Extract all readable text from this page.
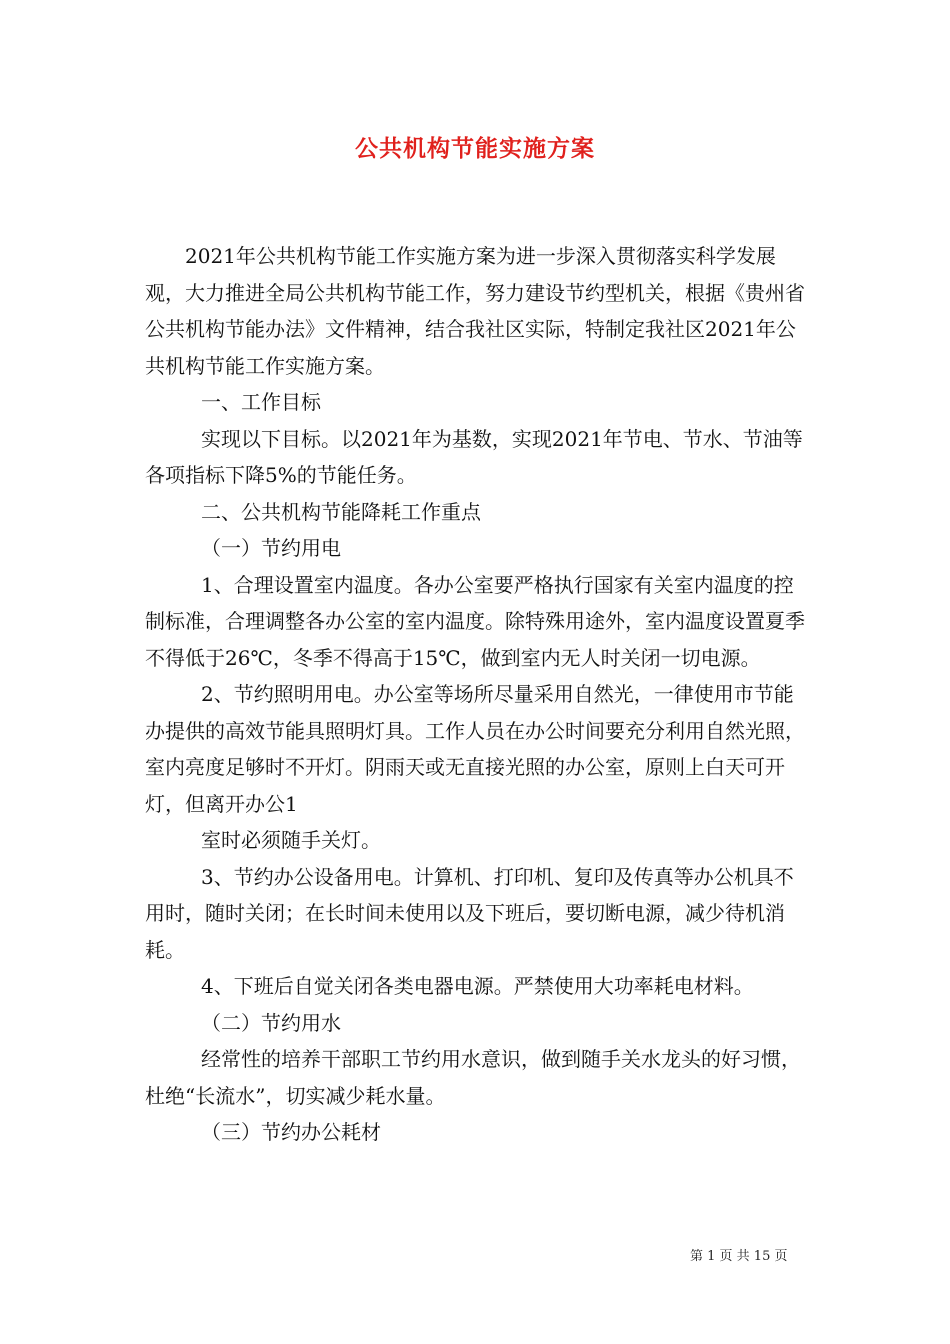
公共机构节能实施方案

2021年公共机构节能工作实施方案为进一步深入贯彻落实科学发展观，大力推进全局公共机构节能工作，努力建设节约型机关，根据《贵州省公共机构节能办法》文件精神，结合我社区实际，特制定我社区2021年公共机构节能工作实施方案。

一、工作目标

实现以下目标。以2021年为基数，实现2021年节电、节水、节油等各项指标下降5%的节能任务。

二、公共机构节能降耗工作重点

（一）节约用电

1、合理设置室内温度。各办公室要严格执行国家有关室内温度的控制标准，合理调整各办公室的室内温度。除特殊用途外，室内温度设置夏季不得低于26℃，冬季不得高于15℃，做到室内无人时关闭一切电源。

2、节约照明用电。办公室等场所尽量采用自然光，一律使用市节能办提供的高效节能具照明灯具。工作人员在办公时间要充分利用自然光照，室内亮度足够时不开灯。阴雨天或无直接光照的办公室，原则上白天可开灯，但离开办公1

室时必须随手关灯。

3、节约办公设备用电。计算机、打印机、复印及传真等办公机具不用时，随时关闭；在长时间未使用以及下班后，要切断电源，减少待机消耗。

4、下班后自觉关闭各类电器电源。严禁使用大功率耗电材料。

（二）节约用水

经常性的培养干部职工节约用水意识，做到随手关水龙头的好习惯，杜绝“长流水”，切实减少耗水量。

（三）节约办公耗材

第 1 页 共 15 页
